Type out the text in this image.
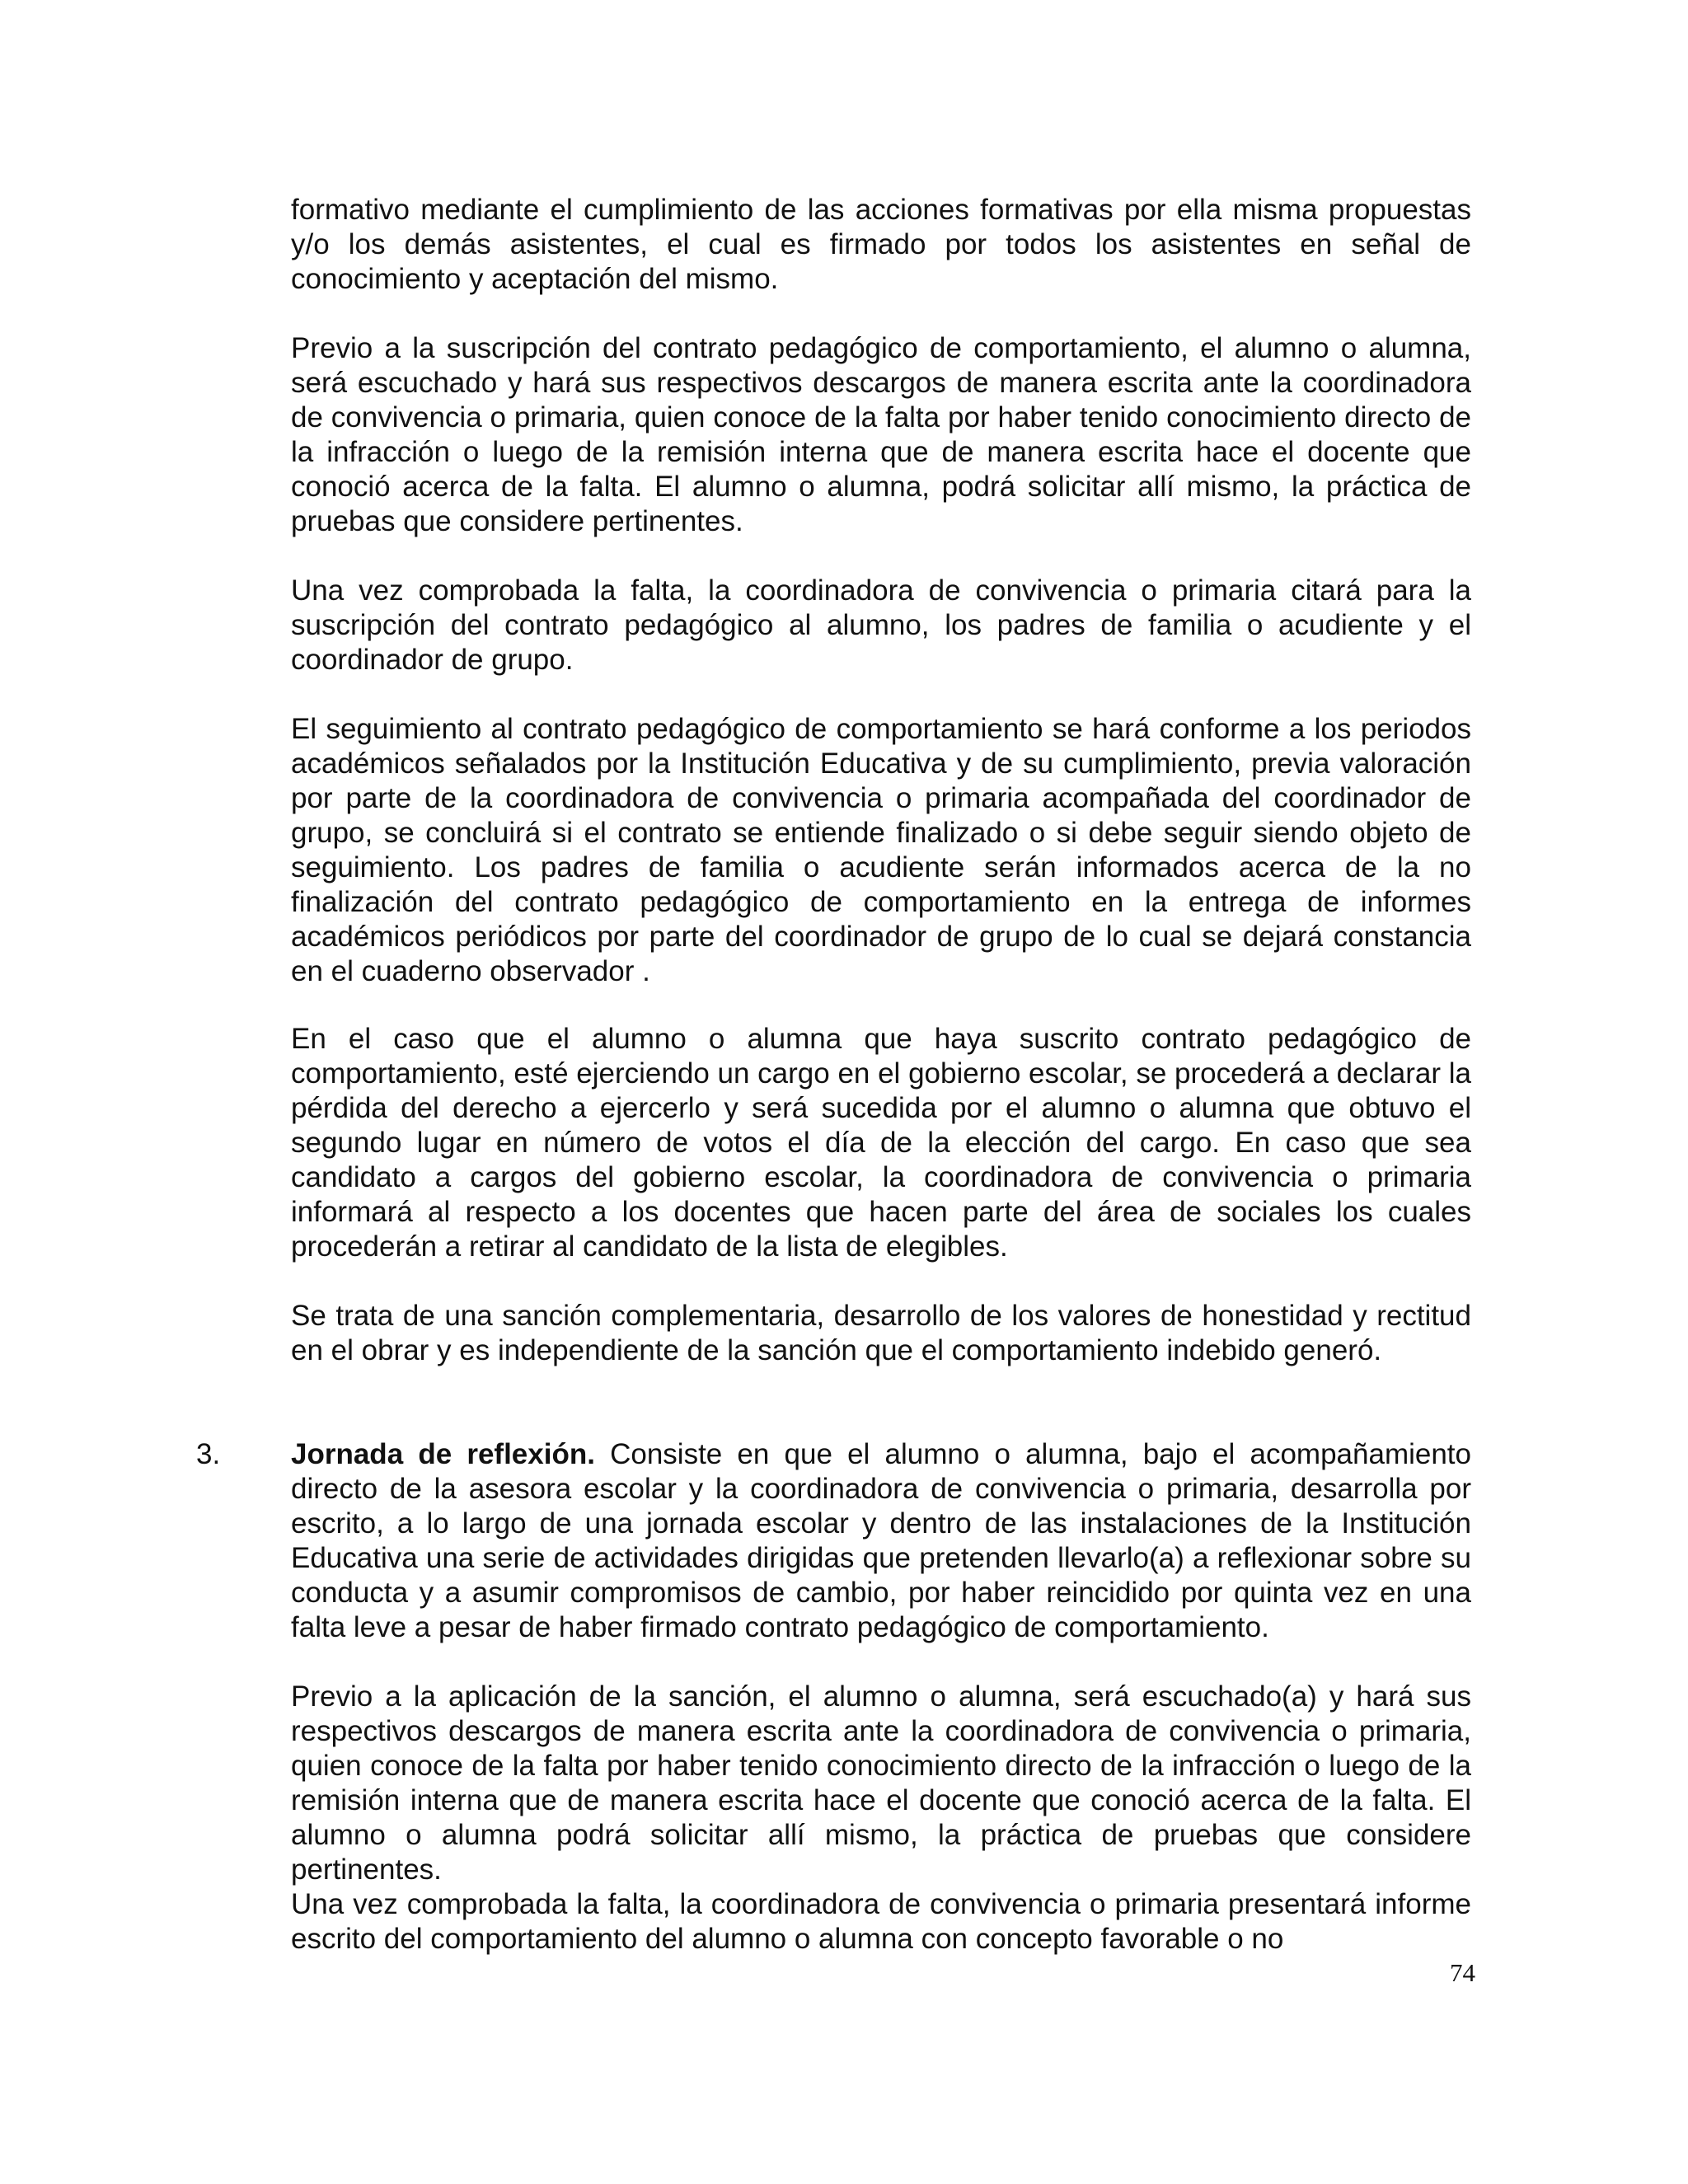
formativo mediante el cumplimiento de las acciones formativas por ella misma propuestas y/o los demás asistentes, el cual es firmado por todos los asistentes en señal de conocimiento y aceptación del mismo.

Previo a la suscripción del contrato pedagógico de comportamiento, el alumno o alumna, será escuchado y hará sus respectivos descargos de manera escrita ante la coordinadora de convivencia o primaria, quien conoce de la falta por haber tenido conocimiento directo de la infracción o luego de la remisión interna que de manera escrita hace el docente que conoció acerca de la falta. El alumno o alumna, podrá solicitar allí mismo, la práctica de pruebas que considere pertinentes.

Una vez comprobada la falta, la coordinadora de convivencia o primaria citará para la suscripción del contrato pedagógico al alumno, los padres de familia o acudiente y el coordinador de grupo.

El seguimiento al contrato pedagógico de comportamiento se hará conforme a los periodos académicos señalados por la Institución Educativa y de su cumplimiento, previa valoración por parte de la coordinadora de convivencia o primaria acompañada del coordinador de grupo, se concluirá si el contrato se entiende finalizado o si debe seguir siendo objeto de seguimiento. Los padres de familia o acudiente serán informados acerca de la no finalización del contrato pedagógico de comportamiento en la entrega de informes académicos periódicos por parte del coordinador de grupo de lo cual se dejará constancia en el cuaderno observador .

En el caso que el alumno o alumna que haya suscrito contrato pedagógico de comportamiento, esté ejerciendo un cargo en el gobierno escolar, se procederá a declarar la pérdida del derecho a ejercerlo y será sucedida por el alumno o alumna que obtuvo el segundo lugar en número de votos el día de la elección del cargo. En caso que sea candidato a cargos del gobierno escolar, la coordinadora de convivencia o primaria informará al respecto a los docentes que hacen parte del área de sociales los cuales procederán a retirar al candidato de la lista de elegibles.

Se trata de una sanción complementaria, desarrollo de los valores de honestidad y rectitud en el obrar y es independiente de la sanción que el comportamiento indebido generó.

3. Jornada de reflexión. Consiste en que el alumno o alumna, bajo el acompañamiento directo de la asesora escolar y la coordinadora de convivencia o primaria, desarrolla por escrito, a lo largo de una jornada escolar y dentro de las instalaciones de la Institución Educativa una serie de actividades dirigidas que pretenden llevarlo(a) a reflexionar sobre su conducta y a asumir compromisos de cambio, por haber reincidido por quinta vez en una falta leve a pesar de haber firmado contrato pedagógico de comportamiento.

Previo a la aplicación de la sanción, el alumno o alumna, será escuchado(a) y hará sus respectivos descargos de manera escrita ante la coordinadora de convivencia o primaria, quien conoce de la falta por haber tenido conocimiento directo de la infracción o luego de la remisión interna que de manera escrita hace el docente que conoció acerca de la falta. El alumno o alumna podrá solicitar allí mismo, la práctica de pruebas que considere pertinentes.

Una vez comprobada la falta, la coordinadora de convivencia o primaria presentará informe escrito del comportamiento del alumno o alumna con concepto favorable o no

74
